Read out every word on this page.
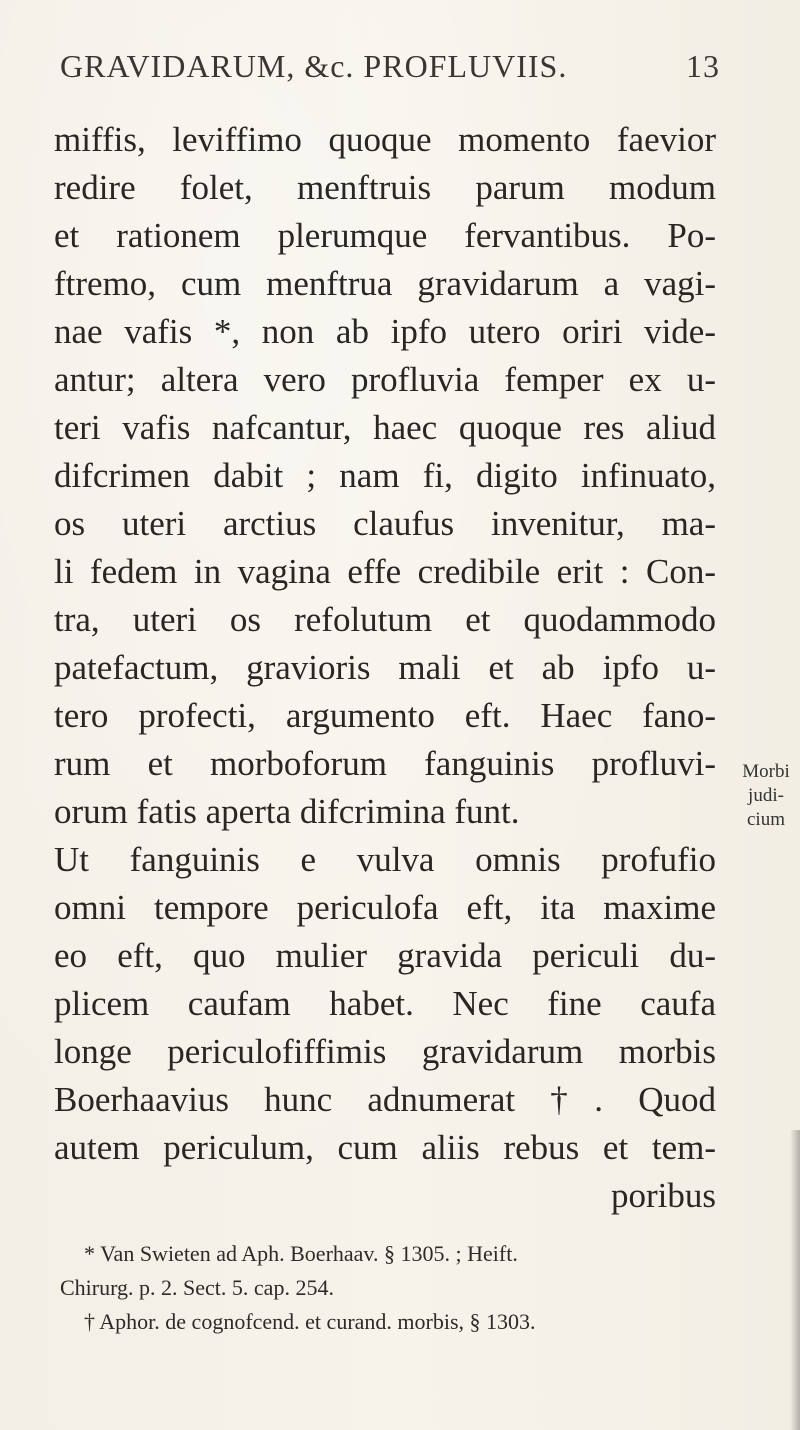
GRAVIDARUM, &c. PROFLUVIIS.	13
miffis, leviffimo quoque momento faevior
redire folet, menftruis parum modum
et rationem plerumque fervantibus. Po-
ftremo, cum menftrua gravidarum a vagi-
nae vafis *, non ab ipfo utero oriri vide-
antur; altera vero profluvia femper ex u-
teri vafis nafcantur, haec quoque res aliud
difcrimen dabit ; nam fi, digito infinuato,
os uteri arctius claufus invenitur, ma-
li fedem in vagina effe credibile erit : Con-
tra, uteri os refolutum et quodammodo
patefactum, gravioris mali et ab ipfo u-
tero profecti, argumento eft. Haec fano-
rum et morboforum fanguinis profluvi-
orum fatis aperta difcrimina funt.
Ut fanguinis e vulva omnis profufio
omni tempore periculofa eft, ita maxime
eo eft, quo mulier gravida periculi du-
plicem caufam habet. Nec fine caufa
longe periculofiffimis gravidarum morbis
Boerhaavius hunc adnumerat †. Quod
autem periculum, cum aliis rebus et tem-
poribus
Morbi judi-
cium
* Van Swieten ad Aph. Boerhaav. § 1305. ; Heift.
Chirurg. p. 2. Sect. 5. cap. 254.
† Aphor. de cognofcend. et curand. morbis, § 1303.
